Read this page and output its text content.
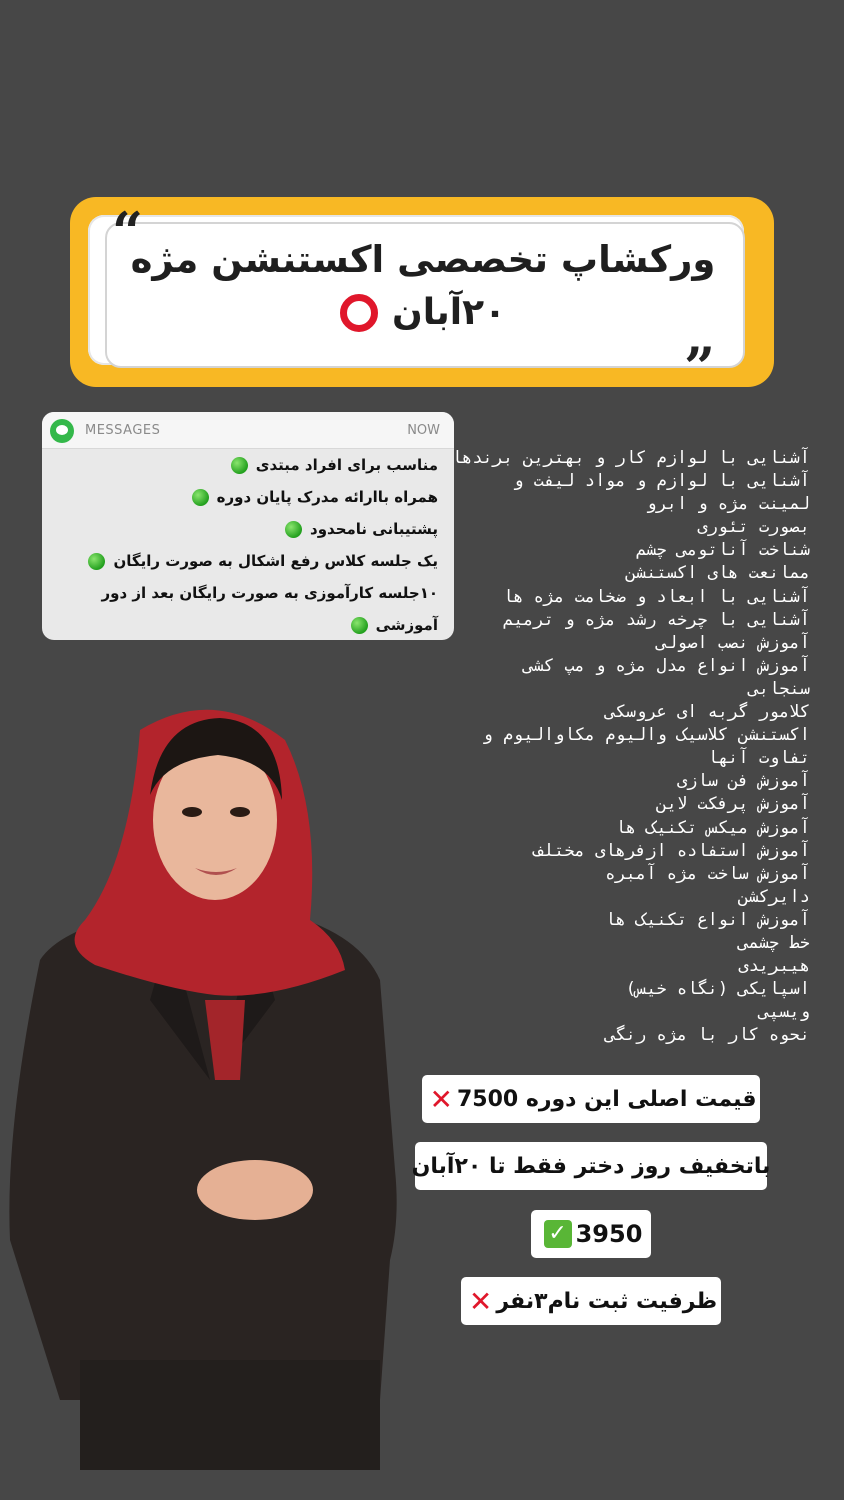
“
”
ورکشاپ تخصصی اکستنشن مژه
۲۰آبان
MESSAGES	NOW
مناسب برای افراد مبتدی
همراه باارائه مدرک پایان دوره
پشتیبانی نامحدود
یک جلسه کلاس رفع اشکال به صورت رایگان
۱۰جلسه کارآموزی به صورت رایگان بعد از دور
آموزشی
آشنایی با لوازم کار و بهترین برندها
آشنایی با لوازم و مواد لیفت و
لمینت مژه و ابرو
بصورت تئوری
شناخت آناتومی چشم
ممانعت های اکستنشن
آشنایی با ابعاد و ضخامت مژه ها
آشنایی با چرخه رشد مژه و ترمیم
آموزش نصب اصولی
آموزش انواع مدل مژه و مپ کشی
سنجابی
کلامور گربه ای عروسکی
اکستنشن کلاسیک والیوم مکاوالیوم و
تفاوت آنها
آموزش فن سازی
آموزش پرفکت لاین
آموزش میکس تکنیک ها
آموزش استفاده ازفرهای مختلف
آموزش ساخت مژه آمبره
دایرکشن
آموزش انواع تکنیک ها
خط چشمی
هیبریدی
اسپایکی (نگاه خیس)
ویسپی
نحوه کار با مژه رنگی
قیمت اصلی این دوره

7500
✕
باتخفیف روز دختر فقط تا ۲۰آبان
3950
✓
ظرفیت ثبت نام۳نفر
✕
